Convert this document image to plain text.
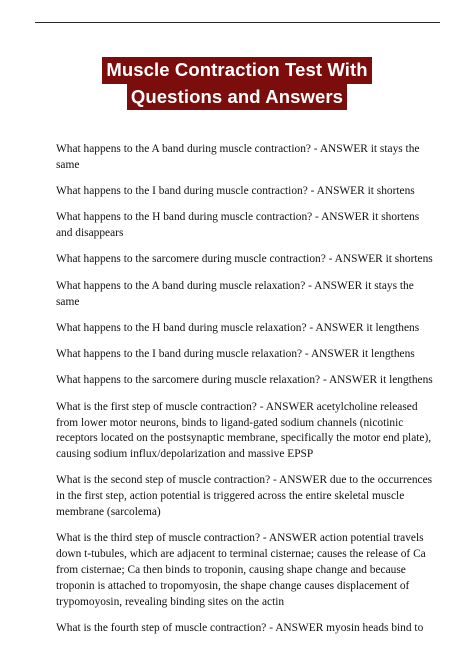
Muscle Contraction Test With
Questions and Answers
What happens to the A band during muscle contraction? - ANSWER it stays the same
What happens to the I band during muscle contraction? - ANSWER it shortens
What happens to the H band during muscle contraction? - ANSWER it shortens and disappears
What happens to the sarcomere during muscle contraction? - ANSWER it shortens
What happens to the A band during muscle relaxation? - ANSWER it stays the same
What happens to the H band during muscle relaxation? - ANSWER it lengthens
What happens to the I band during muscle relaxation? - ANSWER it lengthens
What happens to the sarcomere during muscle relaxation? - ANSWER it lengthens
What is the first step of muscle contraction? - ANSWER acetylcholine released from lower motor neurons, binds to ligand-gated sodium channels (nicotinic receptors located on the postsynaptic membrane, specifically the motor end plate), causing sodium influx/depolarization and massive EPSP
What is the second step of muscle contraction? - ANSWER due to the occurrences in the first step, action potential is triggered across the entire skeletal muscle membrane (sarcolema)
What is the third step of muscle contraction? - ANSWER action potential travels down t-tubules, which are adjacent to terminal cisternae; causes the release of Ca from cisternae; Ca then binds to troponin, causing shape change and because troponin is attached to tropomyosin, the shape change causes displacement of trypomoyosin, revealing binding sites on the actin
What is the fourth step of muscle contraction? - ANSWER myosin heads bind to
